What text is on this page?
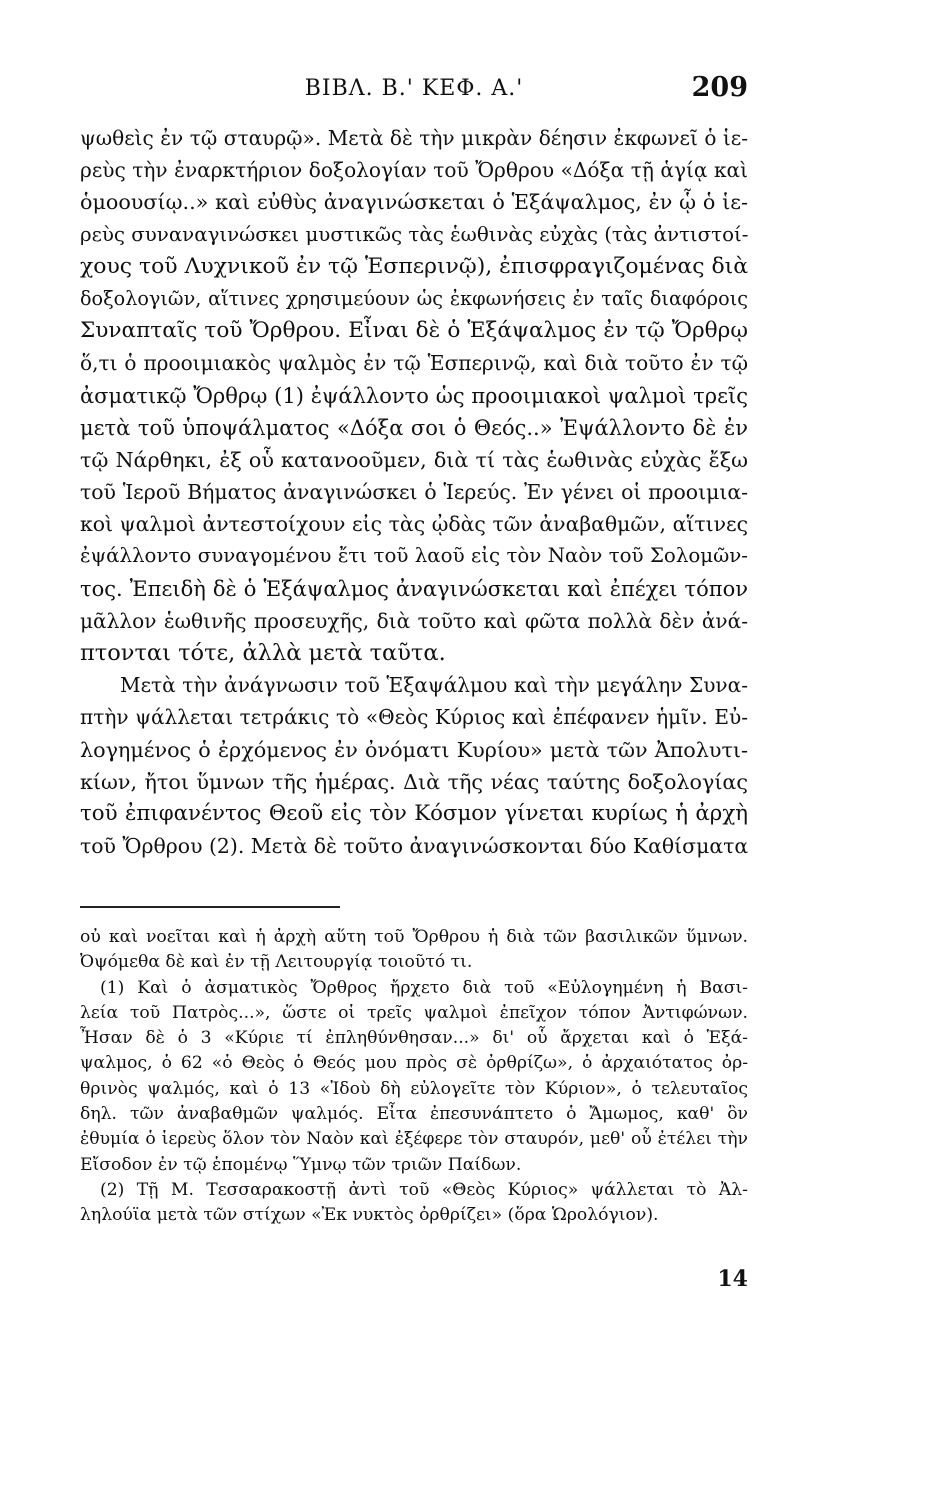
ΒΙΒΛ. Β.' ΚΕΦ. Α.'	209
ψωθεὶς ἐν τῷ σταυρῷ». Μετὰ δὲ τὴν μικρὰν δέησιν ἐκφωνεῖ ὁ ἱε-
ρεὺς τὴν ἐναρκτήριον δοξολογίαν τοῦ Ὄρθρου «Δόξα τῇ ἁγίᾳ καὶ
ὁμοουσίῳ..» καὶ εὐθὺς ἀναγινώσκεται ὁ Ἑξάψαλμος, ἐν ᾧ ὁ ἱε-
ρεὺς συναναγινώσκει μυστικῶς τὰς ἑωθινὰς εὐχὰς (τὰς ἀντιστοί-
χους τοῦ Λυχνικοῦ ἐν τῷ Ἑσπερινῷ), ἐπισφραγιζομένας διὰ
δοξολογιῶν, αἵτινες χρησιμεύουν ὡς ἐκφωνήσεις ἐν ταῖς διαφόροις
Συναπταῖς τοῦ Ὄρθρου. Εἶναι δὲ ὁ Ἑξάψαλμος ἐν τῷ Ὄρθρῳ
ὅ,τι ὁ προοιμιακὸς ψαλμὸς ἐν τῷ Ἑσπερινῷ, καὶ διὰ τοῦτο ἐν τῷ
ἀσματικῷ Ὄρθρῳ (1) ἐψάλλοντο ὡς προοιμιακοὶ ψαλμοὶ τρεῖς
μετὰ τοῦ ὑποψάλματος «Δόξα σοι ὁ Θεός..» Ἐψάλλοντο δὲ ἐν
τῷ Νάρθηκι, ἐξ οὗ κατανοοῦμεν, διὰ τί τὰς ἑωθινὰς εὐχὰς ἔξω
τοῦ Ἱεροῦ Βήματος ἀναγινώσκει ὁ Ἱερεύς. Ἐν γένει οἱ προοιμια-
κοὶ ψαλμοὶ ἀντεστοίχουν εἰς τὰς ᾠδὰς τῶν ἀναβαθμῶν, αἵτινες
ἐψάλλοντο συναγομένου ἔτι τοῦ λαοῦ εἰς τὸν Ναὸν τοῦ Σολομῶν-
τος. Ἐπειδὴ δὲ ὁ Ἑξάψαλμος ἀναγινώσκεται καὶ ἐπέχει τόπον
μᾶλλον ἑωθινῆς προσευχῆς, διὰ τοῦτο καὶ φῶτα πολλὰ δὲν ἀνά-
πτονται τότε, ἀλλὰ μετὰ ταῦτα.
Μετὰ τὴν ἀνάγνωσιν τοῦ Ἑξαψάλμου καὶ τὴν μεγάλην Συνα-
πτὴν ψάλλεται τετράκις τὸ «Θεὸς Κύριος καὶ ἐπέφανεν ἡμῖν. Εὐ-
λογημένος ὁ ἐρχόμενος ἐν ὀνόματι Κυρίου» μετὰ τῶν Ἀπολυτι-
κίων, ἤτοι ὕμνων τῆς ἡμέρας. Διὰ τῆς νέας ταύτης δοξολογίας
τοῦ ἐπιφανέντος Θεοῦ εἰς τὸν Κόσμον γίνεται κυρίως ἡ ἀρχὴ
τοῦ Ὄρθρου (2). Μετὰ δὲ τοῦτο ἀναγινώσκονται δύο Καθίσματα
οὐ καὶ νοεῖται καὶ ἡ ἀρχὴ αὕτη τοῦ Ὄρθρου ἡ διὰ τῶν βασιλικῶν ὕμνων.
Ὀψόμεθα δὲ καὶ ἐν τῇ Λειτουργίᾳ τοιοῦτό τι.
(1) Καὶ ὁ ἀσματικὸς Ὄρθρος ἤρχετο διὰ τοῦ «Εὐλογημένη ἡ Βασι-
λεία τοῦ Πατρὸς...», ὥστε οἱ τρεῖς ψαλμοὶ ἐπεῖχον τόπον Ἀντιφώνων.
Ἦσαν δὲ ὁ 3 «Κύριε τί ἐπληθύνθησαν...» δι' οὗ ἄρχεται καὶ ὁ Ἑξά-
ψαλμος, ὁ 62 «ὁ Θεὸς ὁ Θεός μου πρὸς σὲ ὀρθρίζω», ὁ ἀρχαιότατος ὀρ-
θρινὸς ψαλμός, καὶ ὁ 13 «Ἰδοὺ δὴ εὐλογεῖτε τὸν Κύριον», ὁ τελευταῖος
δηλ. τῶν ἀναβαθμῶν ψαλμός. Εἶτα ἐπεσυνάπτετο ὁ Ἄμωμος, καθ' ὃν
ἐθυμία ὁ ἱερεὺς ὅλον τὸν Ναὸν καὶ ἐξέφερε τὸν σταυρόν, μεθ' οὗ ἐτέλει τὴν
Εἴσοδον ἐν τῷ ἑπομένῳ Ὕμνῳ τῶν τριῶν Παίδων.
(2) Τῇ Μ. Τεσσαρακοστῇ ἀντὶ τοῦ «Θεὸς Κύριος» ψάλλεται τὸ Ἀλ-
ληλούϊα μετὰ τῶν στίχων «Ἐκ νυκτὸς ὀρθρίζει» (ὅρα Ὡρολόγιον).
14
